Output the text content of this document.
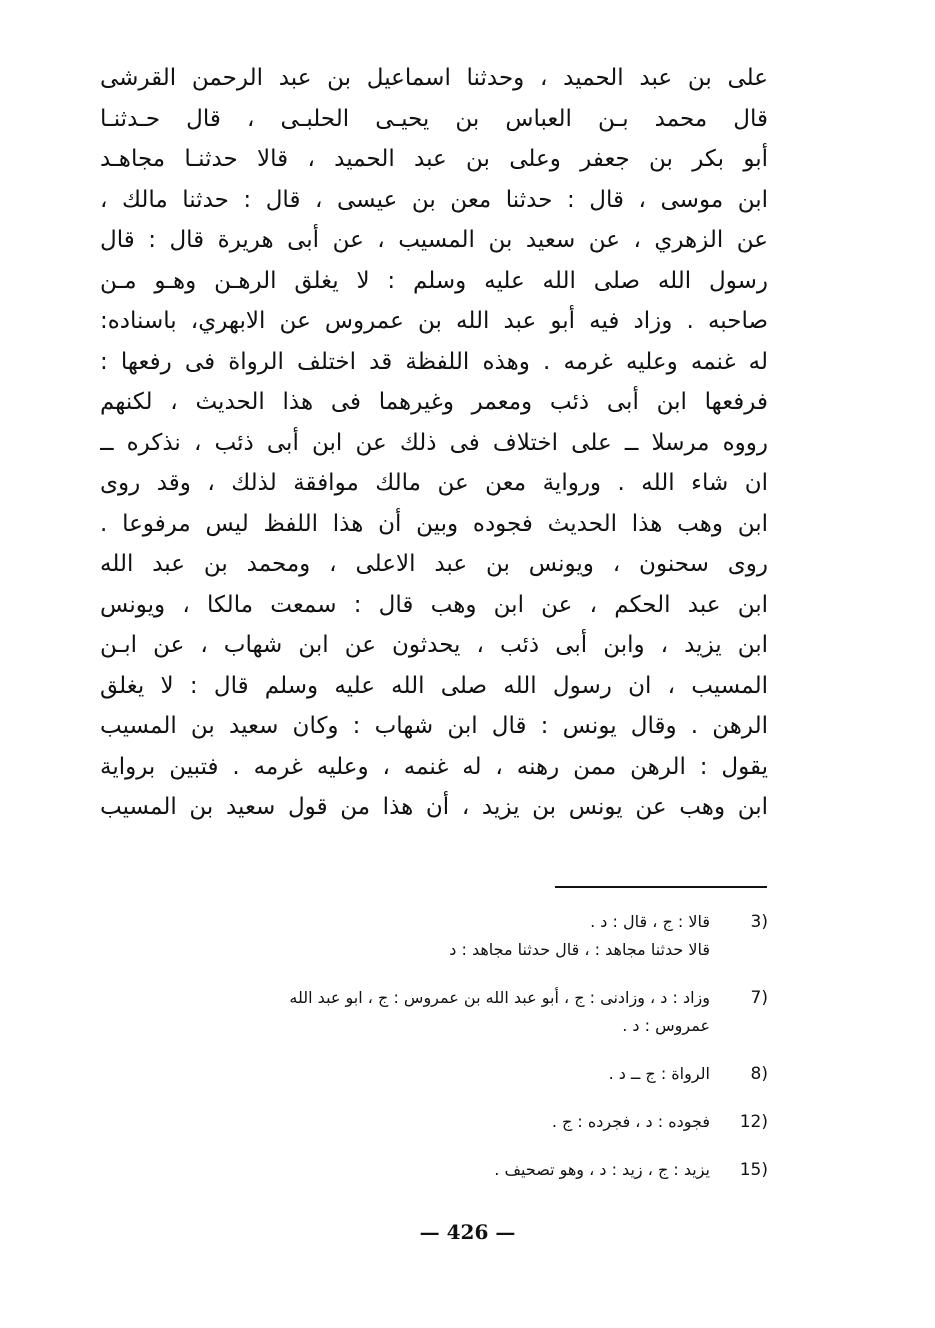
على بن عبد الحميد ، وحدثنا اسماعيل بن عبد الرحمن القرشى
قال محمد بـن العباس بن يحيـى الحلبـى ، قال حـدثنـا
أبو بكر بن جعفر وعلى بن عبد الحميد ، قالا حدثنـا مجاهـد
ابن موسى ، قال : حدثنا معن بن عيسى ، قال : حدثنا مالك ،
عن الزهري ، عن سعيد بن المسيب ، عن أبى هريرة قال : قال
رسول الله صلى الله عليه وسلم : لا يغلق الرهـن وهـو مـن
صاحبه . وزاد فيه أبو عبد الله بن عمروس عن الابهري، باسناده:
له غنمه وعليه غرمه . وهذه اللفظة قد اختلف الرواة فى رفعها :
فرفعها ابن أبى ذئب ومعمر وغيرهما فى هذا الحديث ، لكنهم
رووه مرسلا ــ على اختلاف فى ذلك عن ابن أبى ذئب ، نذكره ــ
ان شاء الله . ورواية معن عن مالك موافقة لذلك ، وقد روى
ابن وهب هذا الحديث فجوده وبين أن هذا اللفظ ليس مرفوعا .
روى سحنون ، ويونس بن عبد الاعلى ، ومحمد بن عبد الله
ابن عبد الحكم ، عن ابن وهب قال : سمعت مالكا ، ويونس
ابن يزيد ، وابن أبى ذئب ، يحدثون عن ابن شهاب ، عن ابـن
المسيب ، ان رسول الله صلى الله عليه وسلم قال : لا يغلق
الرهن . وقال يونس : قال ابن شهاب : وكان سعيد بن المسيب
يقول : الرهن ممن رهنه ، له غنمه ، وعليه غرمه . فتبين برواية
ابن وهب عن يونس بن يزيد ، أن هذا من قول سعيد بن المسيب
3)
قالا : ج ، قال : د .
قالا حدثنا مجاهد : ، قال حدثنا مجاهد : د
7)
وزاد : د ، وزادنى : ج ، أبو عبد الله بن عمروس : ج ، ابو عبد الله
عمروس : د .
8)
الرواة : ج ــ د .
12)
فجوده : د ، فجرده : ج .
15)
يزيد : ج ، زيد : د ، وهو تصحيف .
— 426 —
